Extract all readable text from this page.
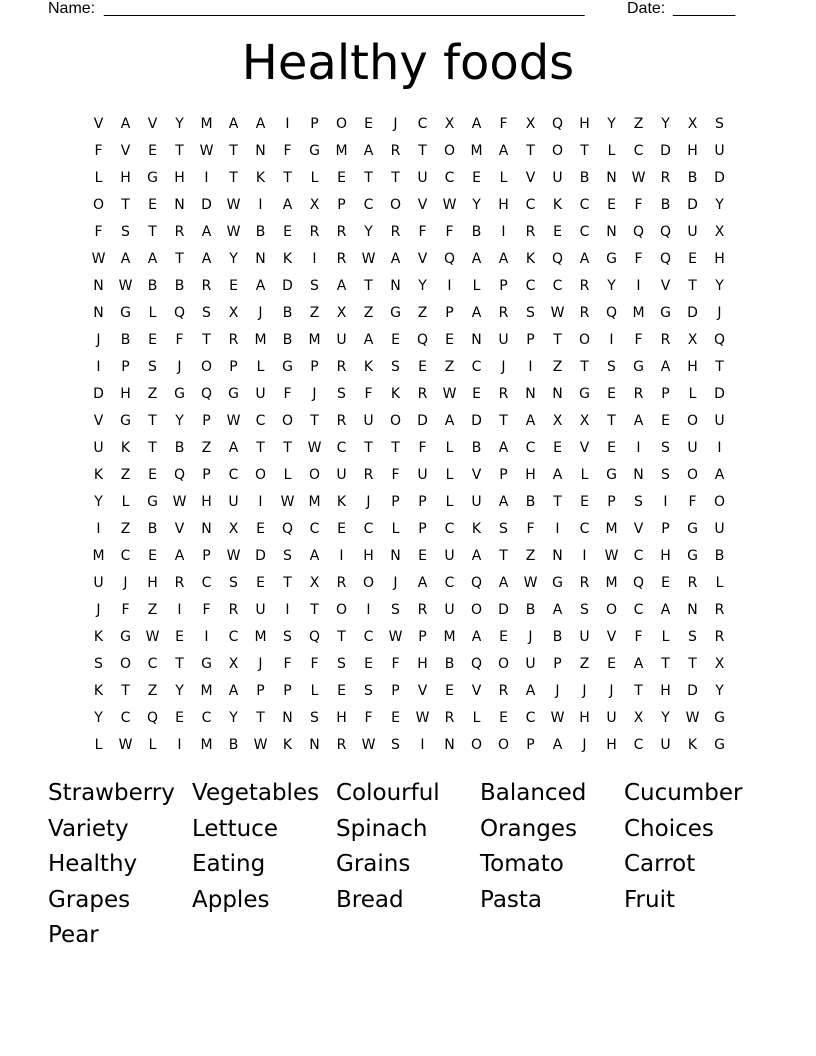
Name: ______________________________________________________	Date: _______
Healthy foods
V	A	V	Y	M	A	A	I	P	O	E	J	C	X	A	F	X	Q	H	Y	Z	Y	X	S
F	V	E	T	W	T	N	F	G	M	A	R	T	O	M	A	T	O	T	L	C	D	H	U
L	H	G	H	I	T	K	T	L	E	T	T	U	C	E	L	V	U	B	N	W	R	B	D
O	T	E	N	D	W	I	A	X	P	C	O	V	W	Y	H	C	K	C	E	F	B	D	Y
F	S	T	R	A	W	B	E	R	R	Y	R	F	F	B	I	R	E	C	N	Q	Q	U	X
W	A	A	T	A	Y	N	K	I	R	W	A	V	Q	A	A	K	Q	A	G	F	Q	E	H
N	W	B	B	R	E	A	D	S	A	T	N	Y	I	L	P	C	C	R	Y	I	V	T	Y
N	G	L	Q	S	X	J	B	Z	X	Z	G	Z	P	A	R	S	W	R	Q	M	G	D	J
J	B	E	F	T	R	M	B	M	U	A	E	Q	E	N	U	P	T	O	I	F	R	X	Q
I	P	S	J	O	P	L	G	P	R	K	S	E	Z	C	J	I	Z	T	S	G	A	H	T
D	H	Z	G	Q	G	U	F	J	S	F	K	R	W	E	R	N	N	G	E	R	P	L	D
V	G	T	Y	P	W	C	O	T	R	U	O	D	A	D	T	A	X	X	T	A	E	O	U
U	K	T	B	Z	A	T	T	W	C	T	T	F	L	B	A	C	E	V	E	I	S	U	I
K	Z	E	Q	P	C	O	L	O	U	R	F	U	L	V	P	H	A	L	G	N	S	O	A
Y	L	G	W	H	U	I	W	M	K	J	P	P	L	U	A	B	T	E	P	S	I	F	O
I	Z	B	V	N	X	E	Q	C	E	C	L	P	C	K	S	F	I	C	M	V	P	G	U
M	C	E	A	P	W	D	S	A	I	H	N	E	U	A	T	Z	N	I	W	C	H	G	B
U	J	H	R	C	S	E	T	X	R	O	J	A	C	Q	A	W	G	R	M	Q	E	R	L
J	F	Z	I	F	R	U	I	T	O	I	S	R	U	O	D	B	A	S	O	C	A	N	R
K	G	W	E	I	C	M	S	Q	T	C	W	P	M	A	E	J	B	U	V	F	L	S	R
S	O	C	T	G	X	J	F	F	S	E	F	H	B	Q	O	U	P	Z	E	A	T	T	X
K	T	Z	Y	M	A	P	P	L	E	S	P	V	E	V	R	A	J	J	J	T	H	D	Y
Y	C	Q	E	C	Y	T	N	S	H	F	E	W	R	L	E	C	W	H	U	X	Y	W	G
L	W	L	I	M	B	W	K	N	R	W	S	I	N	O	O	P	A	J	H	C	U	K	G
Strawberry Vegetables Colourful	Balanced	Cucumber
Variety	Lettuce	Spinach	Oranges	Choices
Healthy	Eating	Grains	Tomato	Carrot
Grapes	Apples	Bread	Pasta	Fruit
Pear
